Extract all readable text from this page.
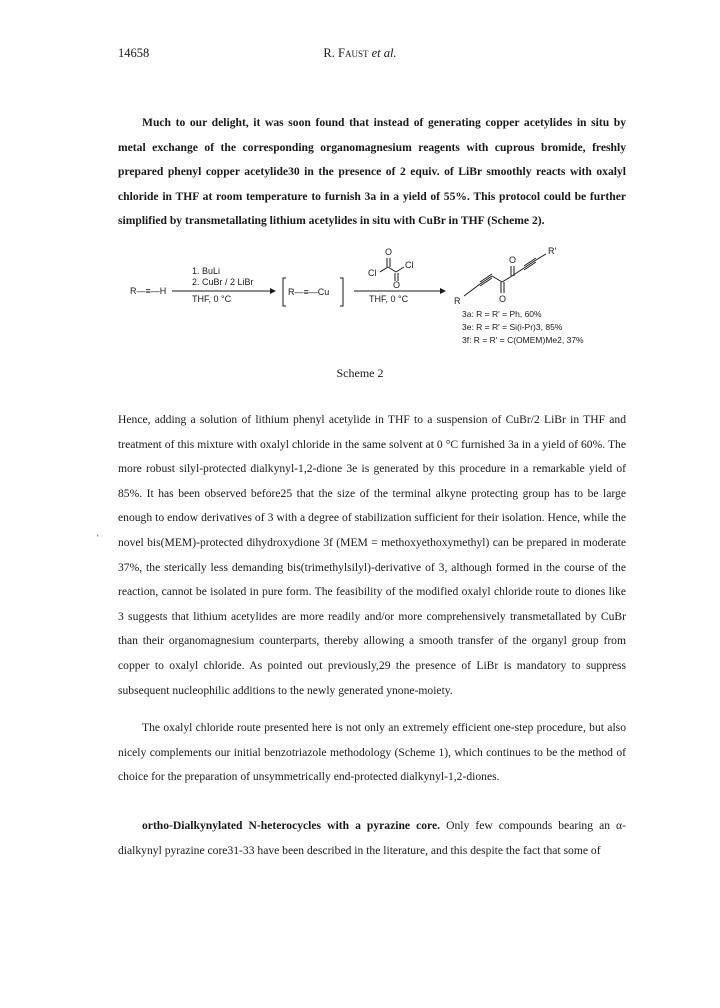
14658	R. Faust et al.

Much to our delight, it was soon found that instead of generating copper acetylides in situ by metal exchange of the corresponding organomagnesium reagents with cuprous bromide, freshly prepared phenyl copper acetylide30 in the presence of 2 equiv. of LiBr smoothly reacts with oxalyl chloride in THF at room temperature to furnish 3a in a yield of 55%. This protocol could be further simplified by transmetallating lithium acetylides in situ with CuBr in THF (Scheme 2).

R—≡—H
1. BuLi
2. CuBr / 2 LiBr
THF, 0 °C
R—≡—Cu
Cl
Cl
O
O
THF, 0 °C	R
R'
O
O
3a: R = R' = Ph, 60%
3e: R = R' = Si(i-Pr)3, 85%
3f: R = R' = C(OMEM)Me2, 37%
Scheme 2

Hence, adding a solution of lithium phenyl acetylide in THF to a suspension of CuBr/2 LiBr in THF and treatment of this mixture with oxalyl chloride in the same solvent at 0 °C furnished 3a in a yield of 60%. The more robust silyl-protected dialkynyl-1,2-dione 3e is generated by this procedure in a remarkable yield of 85%. It has been observed before25 that the size of the terminal alkyne protecting group has to be large enough to endow derivatives of 3 with a degree of stabilization sufficient for their isolation. Hence, while the novel bis(MEM)-protected dihydroxydione 3f (MEM = methoxyethoxymethyl) can be prepared in moderate 37%, the sterically less demanding bis(trimethylsilyl)-derivative of 3, although formed in the course of the reaction, cannot be isolated in pure form. The feasibility of the modified oxalyl chloride route to diones like 3 suggests that lithium acetylides are more readily and/or more comprehensively transmetallated by CuBr than their organomagnesium counterparts, thereby allowing a smooth transfer of the organyl group from copper to oxalyl chloride. As pointed out previously,29 the presence of LiBr is mandatory to suppress subsequent nucleophilic additions to the newly generated ynone-moiety.

'

The oxalyl chloride route presented here is not only an extremely efficient one-step procedure, but also nicely complements our initial benzotriazole methodology (Scheme 1), which continues to be the method of choice for the preparation of unsymmetrically end-protected dialkynyl-1,2-diones.

ortho-Dialkynylated N-heterocycles with a pyrazine core. Only few compounds bearing an α-dialkynyl pyrazine core31-33 have been described in the literature, and this despite the fact that some of
